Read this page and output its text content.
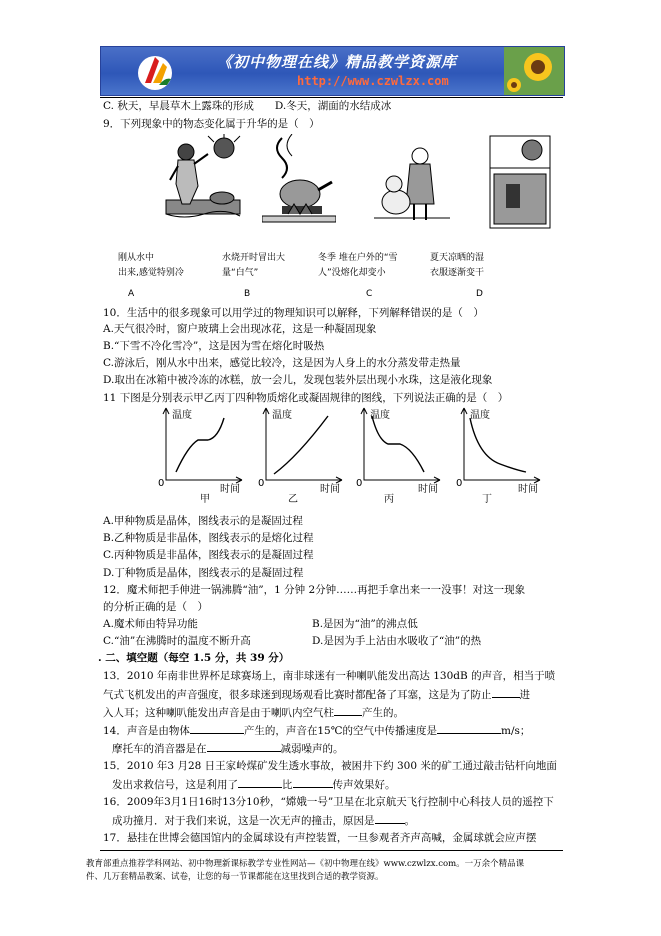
《初中物理在线》精品教学资源库
http://www.czwlzx.com
C. 秋天，早晨草木上露珠的形成　　D.冬天，湖面的水结成冰
9．下列现象中的物态变化属于升华的是（　）
刚从水中
出来,感觉特别冷
水烧开时冒出大
量“白气”
冬季 堆在户外的“雪
人”没熔化却变小
夏天凉晒的湿
衣服逐渐变干
A	B	C	D
10．生活中的很多现象可以用学过的物理知识可以解释，下列解释错误的是（　）
A.天气很冷时，窗户玻璃上会出现冰花，这是一种凝固现象
B.“下雪不冷化雪冷”，这是因为雪在熔化时吸热
C.游泳后，刚从水中出来，感觉比较冷，这是因为人身上的水分蒸发带走热量
D.取出在冰箱中被冷冻的冰糕，放一会儿，发现包装外层出现小水珠，这是液化现象
11 下图是分别表示甲乙丙丁四种物质熔化或凝固规律的图线，下列说法正确的是（　）
温度
0
时间
甲
温度
0
时间
乙
温度
0
时间
丙
温度
0
时间
丁
A.甲种物质是晶体，图线表示的是凝固过程
B.乙种物质是非晶体，图线表示的是熔化过程
C.丙种物质是非晶体，图线表示的是凝固过程
D.丁种物质是晶体，图线表示的是凝固过程
12．魔术师把手伸进一锅沸腾“油”，1 分钟 2分钟……再把手拿出来一一没事！对这一现象
的分析正确的是（　）
A.魔术师由特异功能	B.是因为“油”的沸点低
C.“油”在沸腾时的温度不断升高	D.是因为手上沾由水吸收了“油”的热
. 二、填空题（每空 1.5 分，共 39 分）
13．2010 年南非世界杯足球赛场上，南非球迷有一种喇叭能发出高达 130dB 的声音，相当于喷
气式飞机发出的声音强度，很多球迷到现场观看比赛时都配备了耳塞，这是为了防止	进
入人耳；这种喇叭能发出声音是由于喇叭内空气柱	产生的。
14．声音是由物体	产生的，声音在15℃的空气中传播速度是	m/s；
摩托车的消音器是在	减弱噪声的。
15．2010 年3 月28 日王家岭煤矿发生透水事故，被困井下约 300 米的矿工通过敲击钻杆向地面
发出求救信号，这是利用了	比	传声效果好。
16．2009年3月1日16时13分10秒，“嫦娥一号”卫星在北京航天飞行控制中心科技人员的遥控下
成功撞月．对于我们来说，这是一次无声的撞击，原因是	。
17．悬挂在世博会德国馆内的金属球设有声控装置，一旦参观者齐声高喊，金属球就会应声摆
教育部重点推荐学科网站、初中物理新课标教学专业性网站—《初中物理在线》www.czwlzx.com。一万余个精品课
件、几万套精品教案、试卷，让您的每一节课都能在这里找到合适的教学资源。
